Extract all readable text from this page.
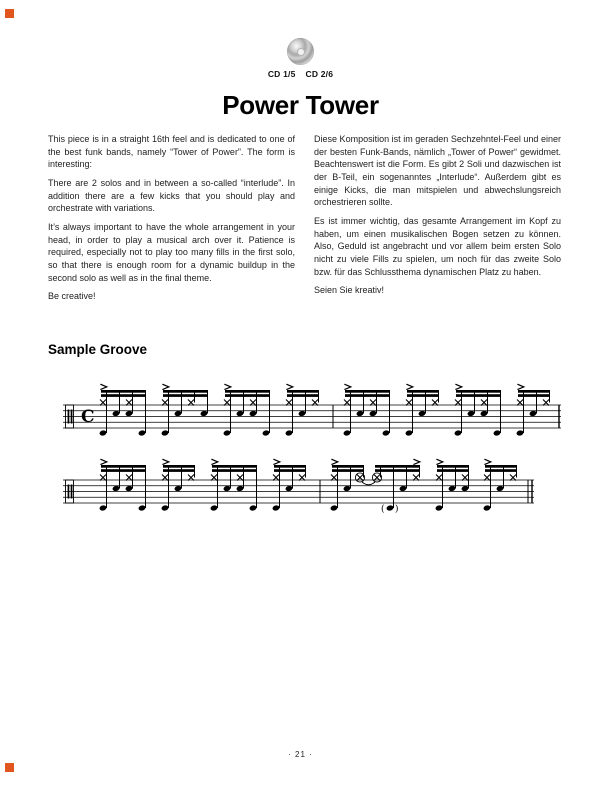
CD 1/5 CD 2/6
Power Tower

This piece is in a straight 16th feel and is dedicated to one of the best funk bands, namely “Tower of Power”. The form is interesting:

There are 2 solos and in between a so-called “interlude”. In addition there are a few kicks that you should play and orchestrate with variations.

It’s always important to have the whole arrangement in your head, in order to play a musical arch over it. Patience is required, especially not to play too many fills in the first solo, so that there is enough room for a dynamic buildup in the second solo as well as in the final theme.

Be creative!

Diese Komposition ist im geraden Sechzehntel-Feel und einer der besten Funk-Bands, nämlich „Tower of Power“ gewidmet. Beachtenswert ist die Form. Es gibt 2 Soli und dazwischen ist der B-Teil, ein sogenanntes „Interlude“. Außerdem gibt es einige Kicks, die man mitspielen und abwechslungsreich orchestrieren sollte.

Es ist immer wichtig, das gesamte Arrangement im Kopf zu haben, um einen musikalischen Bogen setzen zu können. Also, Geduld ist angebracht und vor allem beim ersten Solo nicht zu viele Fills zu spielen, um noch für das zweite Solo bzw. für das Schlussthema dynamischen Platz zu haben.

Seien Sie kreativ!

Sample Groove
C
( )
· 21 ·
